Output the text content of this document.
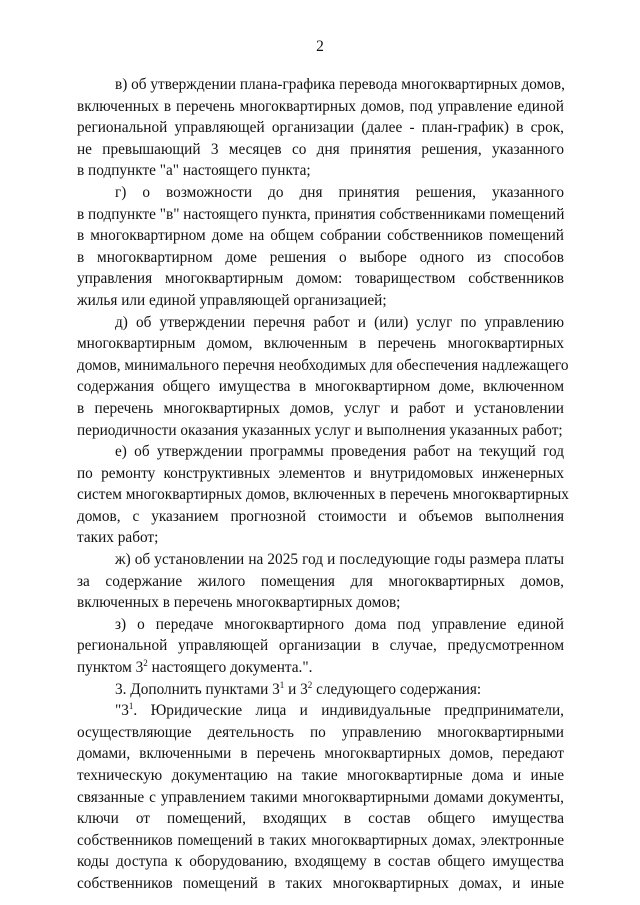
2
в) об утверждении плана-графика перевода многоквартирных домов,
включенных в перечень многоквартирных домов, под управление единой
региональной управляющей организации (далее - план-график) в срок,
не превышающий 3 месяцев со дня принятия решения, указанного
в подпункте "а" настоящего пункта;
г) о возможности до дня принятия решения, указанного
в подпункте "в" настоящего пункта, принятия собственниками помещений
в многоквартирном доме на общем собрании собственников помещений
в многоквартирном доме решения о выборе одного из способов
управления многоквартирным домом: товариществом собственников
жилья или единой управляющей организацией;
д) об утверждении перечня работ и (или) услуг по управлению
многоквартирным домом, включенным в перечень многоквартирных
домов, минимального перечня необходимых для обеспечения надлежащего
содержания общего имущества в многоквартирном доме, включенном
в перечень многоквартирных домов, услуг и работ и установлении
периодичности оказания указанных услуг и выполнения указанных работ;
е) об утверждении программы проведения работ на текущий год
по ремонту конструктивных элементов и внутридомовых инженерных
систем многоквартирных домов, включенных в перечень многоквартирных
домов, с указанием прогнозной стоимости и объемов выполнения
таких работ;
ж) об установлении на 2025 год и последующие годы размера платы
за содержание жилого помещения для многоквартирных домов,
включенных в перечень многоквартирных домов;
з) о передаче многоквартирного дома под управление единой
региональной управляющей организации в случае, предусмотренном
пунктом $3^2$ настоящего документа.".
3. Дополнить пунктами $3^1$ и $3^2$ следующего содержания:
"$3^1$. Юридические лица и индивидуальные предприниматели,
осуществляющие деятельность по управлению многоквартирными
домами, включенными в перечень многоквартирных домов, передают
техническую документацию на такие многоквартирные дома и иные
связанные с управлением такими многоквартирными домами документы,
ключи от помещений, входящих в состав общего имущества
собственников помещений в таких многоквартирных домах, электронные
коды доступа к оборудованию, входящему в состав общего имущества
собственников помещений в таких многоквартирных домах, и иные
